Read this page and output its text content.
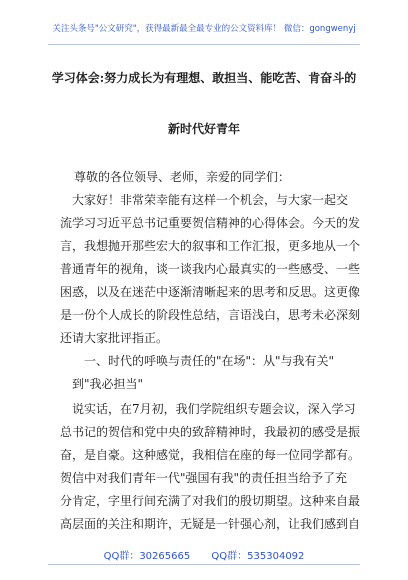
关注头条号"公文研究"，获得最新最全最专业的公文资料库！ 微信：gongwenyj
学习体会:努力成长为有理想、敢担当、能吃苦、肯奋斗的
新时代好青年
尊敬的各位领导、老师，亲爱的同学们：
大家好！非常荣幸能有这样一个机会，与大家一起交
流学习习近平总书记重要贺信精神的心得体会。今天的发
言，我想抛开那些宏大的叙事和工作汇报，更多地从一个
普通青年的视角，谈一谈我内心最真实的一些感受、一些
困惑，以及在迷茫中逐渐清晰起来的思考和反思。这更像
是一份个人成长的阶段性总结，言语浅白，思考未必深刻
还请大家批评指正。
一、时代的呼唤与责任的"在场"：从"与我有关"
到"我必担当"
说实话，在7月初，我们学院组织专题会议，深入学习
总书记的贺信和党中央的致辞精神时，我最初的感受是振
奋，是自豪。这种感觉，我相信在座的每一位同学都有。
贺信中对我们青年一代"强国有我"的责任担当给予了充
分肯定，字里行间充满了对我们的殷切期望。这种来自最
高层面的关注和期许，无疑是一针强心剂，让我们感到自
QQ群：30265665 QQ群：535304092
